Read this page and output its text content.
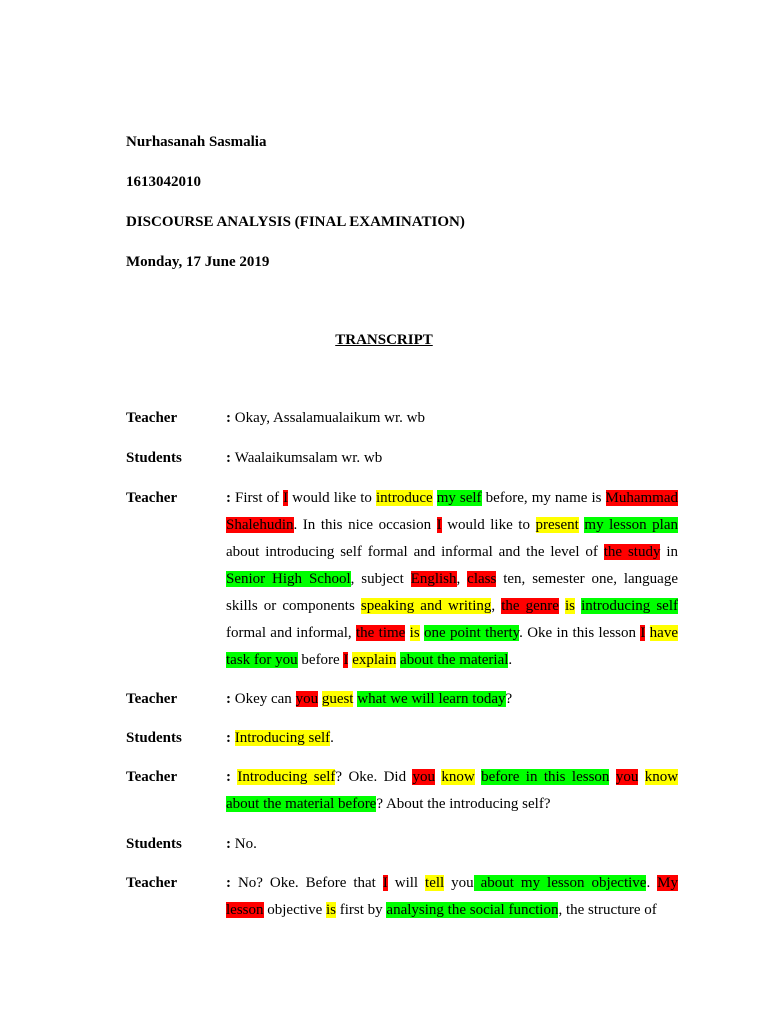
Nurhasanah Sasmalia
1613042010
DISCOURSE ANALYSIS (FINAL EXAMINATION)
Monday, 17 June 2019
TRANSCRIPT
Teacher	: Okay, Assalamualaikum wr. wb
Students	: Waalaikumsalam wr. wb
Teacher	: First of I would like to introduce my self before, my name is Muhammad
Shalehudin. In this nice occasion I would like to present my lesson plan
about introducing self formal and informal and the level of the study in
Senior High School, subject English, class ten, semester one, language
skills or components speaking and writing, the genre is introducing self
formal and informal, the time is one point therty. Oke in this lesson I have
task for you before I explain about the material.
Teacher	: Okey can you guest what we will learn today?
Students	: Introducing self.
Teacher	: Introducing self? Oke. Did you know before in this lesson you know
about the material before? About the introducing self?
Students	: No.
Teacher	: No? Oke. Before that I will tell you about my lesson objective. My
lesson objective is first by analysing the social function, the structure of
